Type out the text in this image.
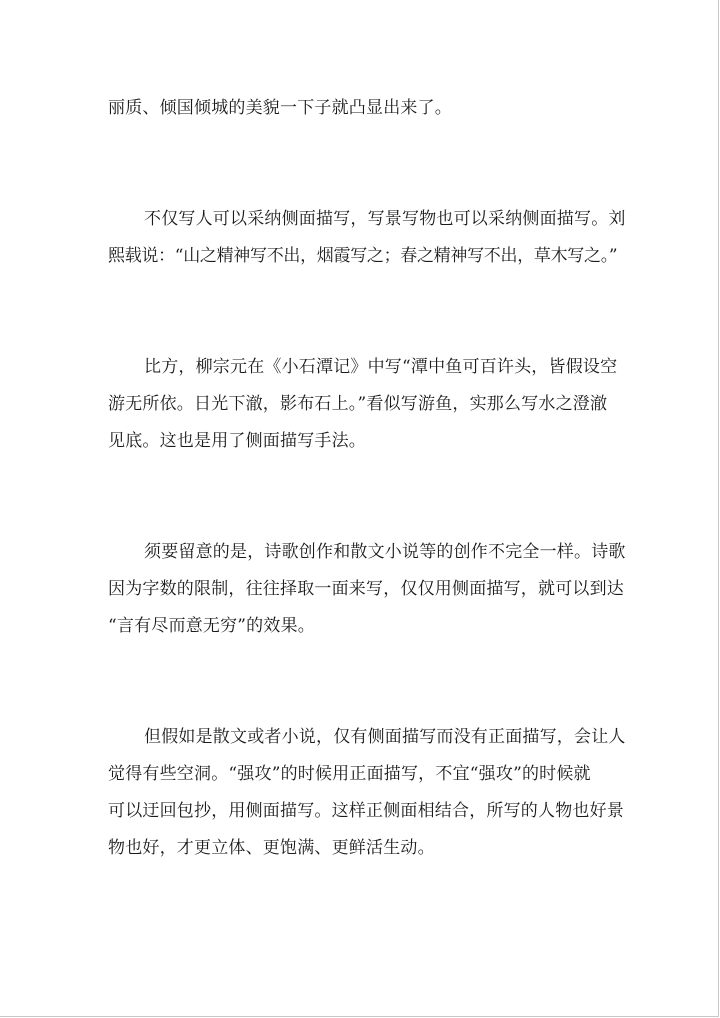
丽质、倾国倾城的美貌一下子就凸显出来了。
不仅写人可以采纳侧面描写，写景写物也可以采纳侧面描写。刘
熙载说：“山之精神写不出，烟霞写之；春之精神写不出，草木写之。”
比方，柳宗元在《小石潭记》中写“潭中鱼可百许头，皆假设空
游无所依。日光下澈，影布石上。”看似写游鱼，实那么写水之澄澈
见底。这也是用了侧面描写手法。
须要留意的是，诗歌创作和散文小说等的创作不完全一样。诗歌
因为字数的限制，往往择取一面来写，仅仅用侧面描写，就可以到达
“言有尽而意无穷”的效果。
但假如是散文或者小说，仅有侧面描写而没有正面描写，会让人
觉得有些空洞。“强攻”的时候用正面描写，不宜“强攻”的时候就
可以迂回包抄，用侧面描写。这样正侧面相结合，所写的人物也好景
物也好，才更立体、更饱满、更鲜活生动。
